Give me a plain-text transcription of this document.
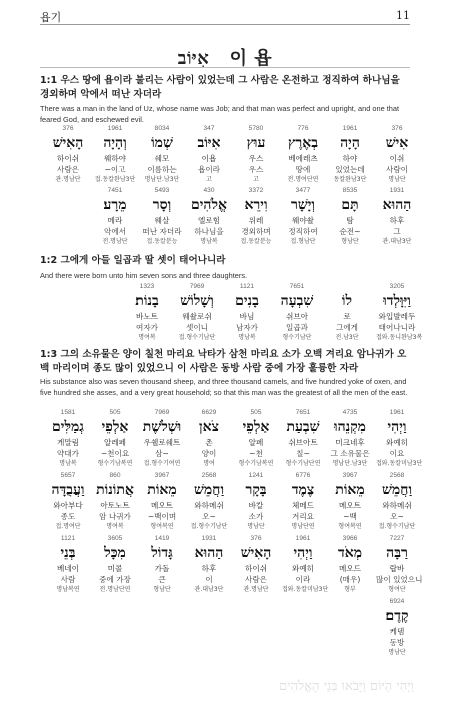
욥기	11
אִיּוֹב 이 욥
1:1 우스 땅에 욥이라 불리는 사람이 있었는데 그 사람은 온전하고 정직하여 하나님을 경외하며 악에서 떠난 자더라
There was a man in the land of Uz, whose name was Job; and that man was perfect and upright, and one that feared God, and eschewed evil.
376
אִישׁ
이쉬
사람이
명남단
1961
הָיָה
하야
있었는데
동칼완남3단
776
בְאֶרֶץ
베에레츠
땅에
전.명여단연
5780
עוּץ
우스
우스
고
347
אִיּוֹב
이욥
욥이라
고
8034
שְׁמוֹ
쉐모
이름하는
명남단.남3단
1961
וְהָיָה
웨하야
~이고
접.동칼완남3단
376
הָאִישׁ
하이쉬
사람은
관.명남단
1931
הַהוּא
하후
그
관.대남3단
8535
תָּם
탐
순전~
형남단
3477
וְיָשָׁר
웨야솰
정직하여
접.형남단
3372
וִירֵא
위레
경외하며
접.동칼분능
430
אֱלֹהִים
엘로힘
하나님을
명남복
5493
וְסָר
웨살
떠난 자더라
접.동칼분능
7451
מֵרָע׃
메라
악에서
전.명남단
1:2 그에게 아들 일곱과 딸 셋이 태어나니라
And there were born unto him seven sons and three daughters.
3205
וַיִּוָּלְדוּ
와입발레두
태어나니라
접와.동니완남3복
לוֹ
로
그에게
전.남3단
7651
שִׁבְעָה
쉬브아
일곱과
형수기남단
1121
בָנִים
바님
남자가
명남복
7969
וְשָׁלוֹשׁ
웨솰로쉬
셋이니
접.형수기남단
1323
בָנוֹת׃
바노트
여자가
명여복
1:3 그의 소유물은 양이 칠천 마리요 낙타가 삼천 마리요 소가 오백 겨리요 암나귀가 오백 마리이며 종도 많이 있었으니 이 사람은 동방 사람 중에 가장 훌륭한 자라
His substance also was seven thousand sheep, and three thousand camels, and five hundred yoke of oxen, and five hundred she asses, and a very great household; so that this man was the greatest of all the men of the east.
1961
וַיְהִי
와예히
이요
접와.동칼미남3단
4735
מִקְנֵהוּ
미크네후
그 소유물은
명남단.남3단
7651
שִׁבְעַת
쉬브아트
칠~
형수기남단연
505
אַלְפֵי
알페
~천
형수기남복연
6629
צֹאן
촌
양이
명여
7969
וּשְׁלֹשֶׁת
우쉘로쉐트
삼~
접.형수기여연
505
אַלְפֵי
알레페
~천이요
형수기남복연
1581
גְמַלִּים
게말림
약대가
명남복
2568
וַחֲמֵשׁ
와하메쉬
오~
접.형수기남단
3967
מֵאוֹת
메오트
~백
형여복연
6776
צֶמֶד
체메드
겨리요
명남단연
1241
בָּקָר
바칼
소가
명남단
2568
וַחֲמֵשׁ
와하메쉬
오~
접.형수기남단
3967
מֵאוֹת
메오트
~백이며
형여복연
860
אֲתוֹנוֹת
아토노트
암 나귀가
명여복
5657
וַעֲבֻדָּה
와아부다
종도
접.명여단
7227
רַבָּה
랍바
많이 있었으니
형여단
3966
מְאֹד
메오드
(매우)
형부
1961
וַיְהִי
와예히
이라
접와.동칼미남3단
376
הָאִישׁ
하이쉬
사람은
관.명남단
1931
הַהוּא
하후
이
관.대남3단
1419
גָּדוֹל
가돌
큰
형남단
3605
מִכָּל
미콜
중에 가장
전.명남단연
1121
בְּנֵי
베네이
사람
명남복연
6924
קֶדֶם׃
케뎀
동방
명남단
וַיְהִי הַיּוֹם וַיָּבֹאוּ בְּנֵי הָאֱלֹהִים
